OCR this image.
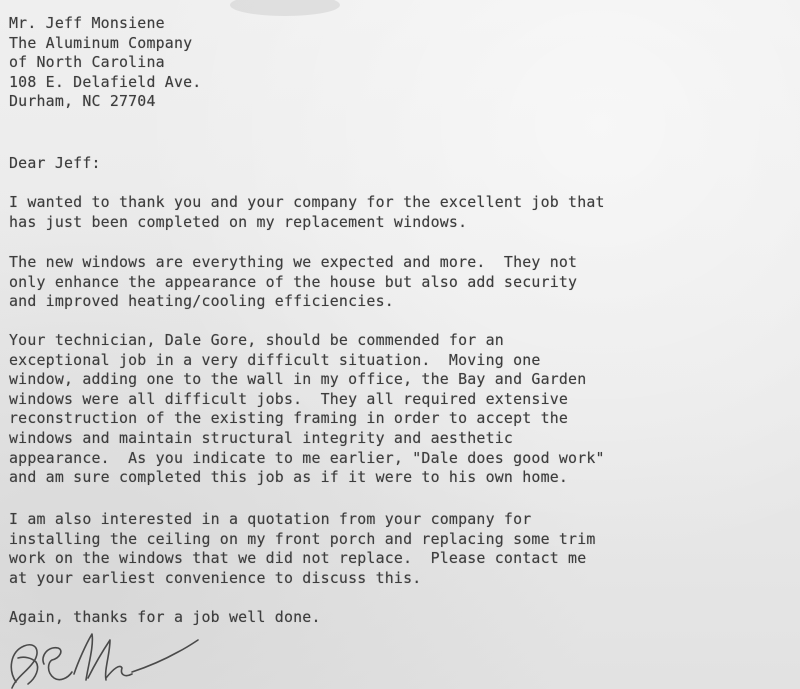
Mr. Jeff Monsiene
The Aluminum Company
of North Carolina
108 E. Delafield Ave.
Durham, NC 27704
Dear Jeff:
I wanted to thank you and your company for the excellent job that
has just been completed on my replacement windows.
The new windows are everything we expected and more.  They not
only enhance the appearance of the house but also add security
and improved heating/cooling efficiencies.
Your technician, Dale Gore, should be commended for an
exceptional job in a very difficult situation.  Moving one
window, adding one to the wall in my office, the Bay and Garden
windows were all difficult jobs.  They all required extensive
reconstruction of the existing framing in order to accept the
windows and maintain structural integrity and aesthetic
appearance.  As you indicate to me earlier, "Dale does good work"
and am sure completed this job as if it were to his own home.
I am also interested in a quotation from your company for
installing the ceiling on my front porch and replacing some trim
work on the windows that we did not replace.  Please contact me
at your earliest convenience to discuss this.
Again, thanks for a job well done.
